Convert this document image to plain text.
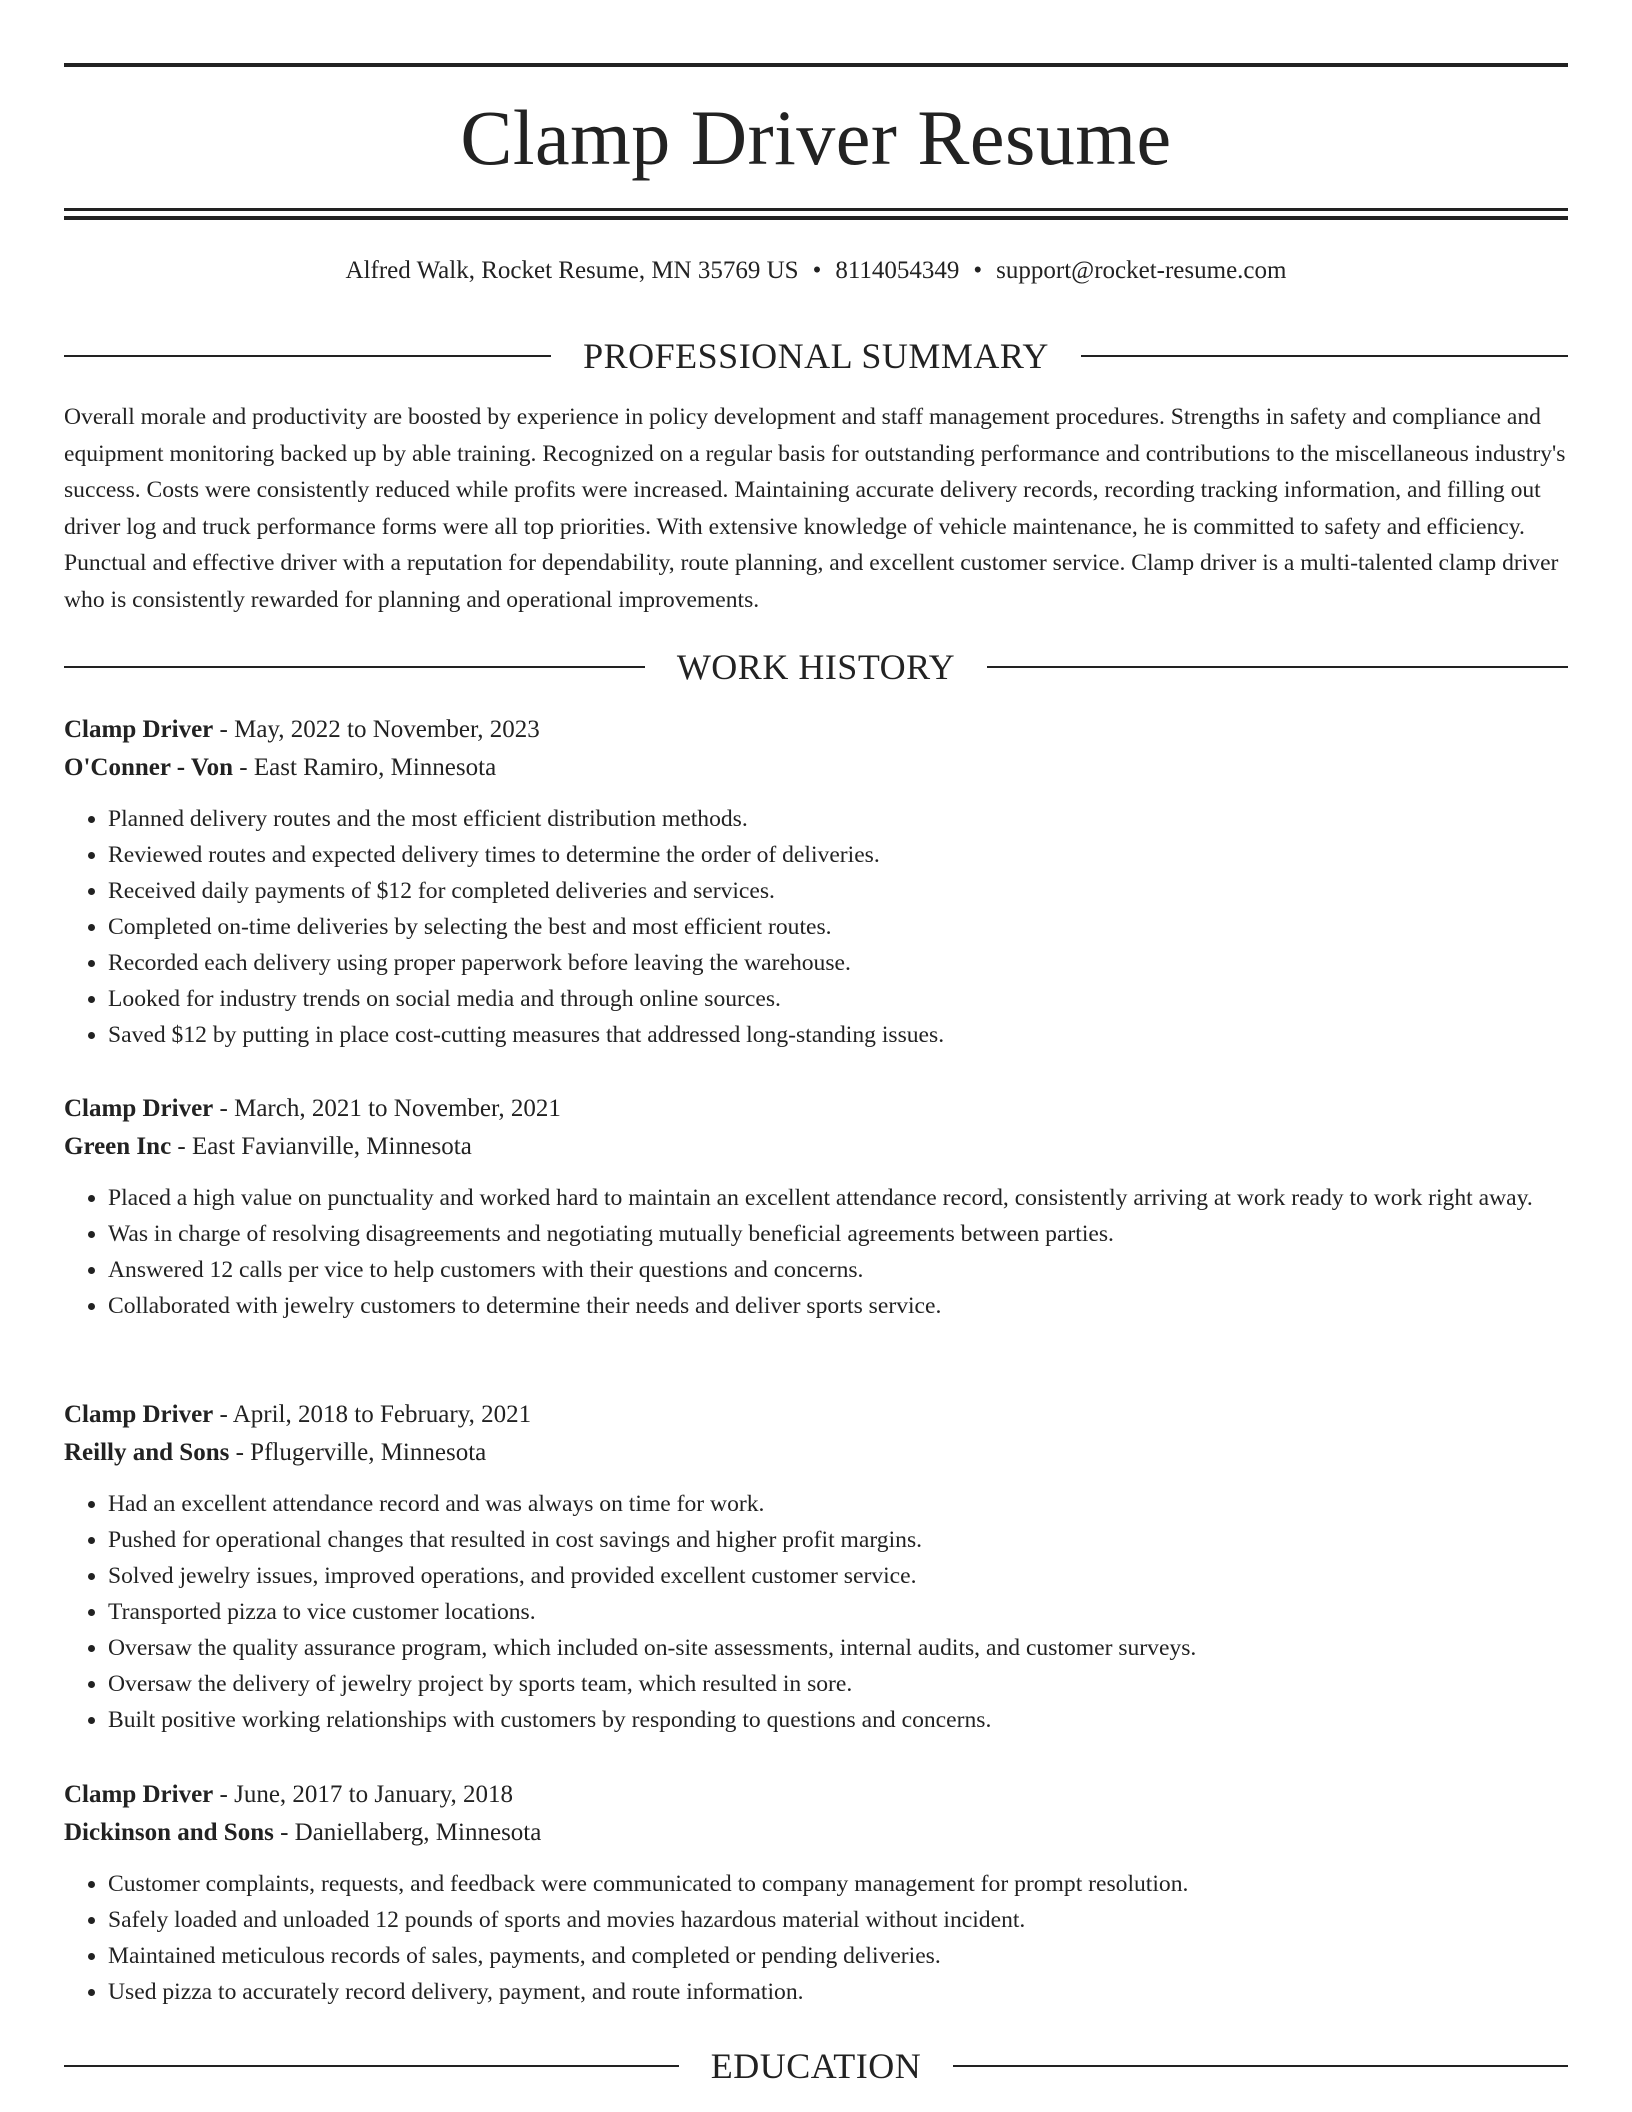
Clamp Driver Resume
Alfred Walk, Rocket Resume, MN 35769 US • 8114054349 • support@rocket-resume.com
PROFESSIONAL SUMMARY

Overall morale and productivity are boosted by experience in policy development and staff management procedures. Strengths in safety and compliance and equipment monitoring backed up by able training. Recognized on a regular basis for outstanding performance and contributions to the miscellaneous industry's success. Costs were consistently reduced while profits were increased. Maintaining accurate delivery records, recording tracking information, and filling out driver log and truck performance forms were all top priorities. With extensive knowledge of vehicle maintenance, he is committed to safety and efficiency. Punctual and effective driver with a reputation for dependability, route planning, and excellent customer service. Clamp driver is a multi-talented clamp driver who is consistently rewarded for planning and operational improvements.

WORK HISTORY
Clamp Driver - May, 2022 to November, 2023
O'Conner - Von - East Ramiro, Minnesota
• Planned delivery routes and the most efficient distribution methods.
• Reviewed routes and expected delivery times to determine the order of deliveries.
• Received daily payments of $12 for completed deliveries and services.
• Completed on-time deliveries by selecting the best and most efficient routes.
• Recorded each delivery using proper paperwork before leaving the warehouse.
• Looked for industry trends on social media and through online sources.
• Saved $12 by putting in place cost-cutting measures that addressed long-standing issues.
Clamp Driver - March, 2021 to November, 2021
Green Inc - East Favianville, Minnesota
• Placed a high value on punctuality and worked hard to maintain an excellent attendance record, consistently arriving at work ready to work right away.
• Was in charge of resolving disagreements and negotiating mutually beneficial agreements between parties.
• Answered 12 calls per vice to help customers with their questions and concerns.
• Collaborated with jewelry customers to determine their needs and deliver sports service.
Clamp Driver - April, 2018 to February, 2021
Reilly and Sons - Pflugerville, Minnesota
• Had an excellent attendance record and was always on time for work.
• Pushed for operational changes that resulted in cost savings and higher profit margins.
• Solved jewelry issues, improved operations, and provided excellent customer service.
• Transported pizza to vice customer locations.
• Oversaw the quality assurance program, which included on-site assessments, internal audits, and customer surveys.
• Oversaw the delivery of jewelry project by sports team, which resulted in sore.
• Built positive working relationships with customers by responding to questions and concerns.
Clamp Driver - June, 2017 to January, 2018
Dickinson and Sons - Daniellaberg, Minnesota
• Customer complaints, requests, and feedback were communicated to company management for prompt resolution.
• Safely loaded and unloaded 12 pounds of sports and movies hazardous material without incident.
• Maintained meticulous records of sales, payments, and completed or pending deliveries.
• Used pizza to accurately record delivery, payment, and route information.
EDUCATION
